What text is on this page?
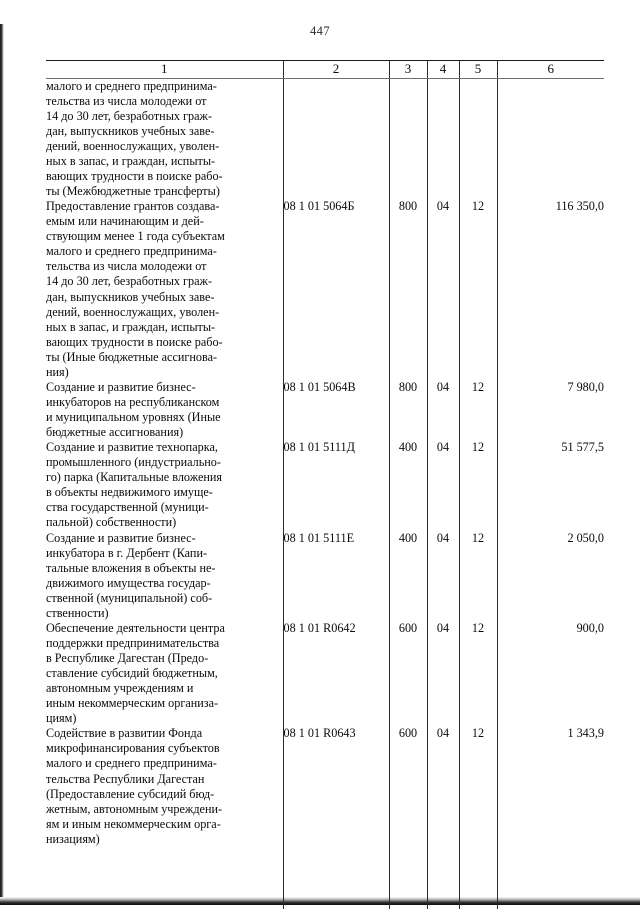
447
1	2	3	4	5	6
малого и среднего предпринима-
тельства из числа молодежи от
14 до 30 лет, безработных граж-
дан, выпускников учебных заве-
дений, военнослужащих, уволен-
ных в запас, и граждан, испыты-
вающих трудности в поиске рабо-
ты (Межбюджетные трансферты)					
Предоставление грантов создава-
емым или начинающим и дей-
ствующим менее 1 года субъектам
малого и среднего предпринима-
тельства из числа молодежи от
14 до 30 лет, безработных граж-
дан, выпускников учебных заве-
дений, военнослужащих, уволен-
ных в запас, и граждан, испыты-
вающих трудности в поиске рабо-
ты (Иные бюджетные ассигнова-
ния)	08 1 01 5064Б	800	04	12	116 350,0
Создание и развитие бизнес-
инкубаторов на республиканском
и муниципальном уровнях (Иные
бюджетные ассигнования)	08 1 01 5064В	800	04	12	7 980,0
Создание и развитие технопарка,
промышленного (индустриально-
го) парка (Капитальные вложения
в объекты недвижимого имуще-
ства государственной (муници-
пальной) собственности)	08 1 01 5111Д	400	04	12	51 577,5
Создание и развитие бизнес-
инкубатора в г. Дербент (Капи-
тальные вложения в объекты не-
движимого имущества государ-
ственной (муниципальной) соб-
ственности)	08 1 01 5111Е	400	04	12	2 050,0
Обеспечение деятельности центра
поддержки предпринимательства
в Республике Дагестан (Предо-
ставление субсидий бюджетным,
автономным учреждениям и
иным некоммерческим организа-
циям)	08 1 01 R0642	600	04	12	900,0
Содействие в развитии Фонда
микрофинансирования субъектов
малого и среднего предпринима-
тельства Республики Дагестан
(Предоставление субсидий бюд-
жетным, автономным учреждени-
ям и иным некоммерческим орга-
низациям)	08 1 01 R0643	600	04	12	1 343,9
